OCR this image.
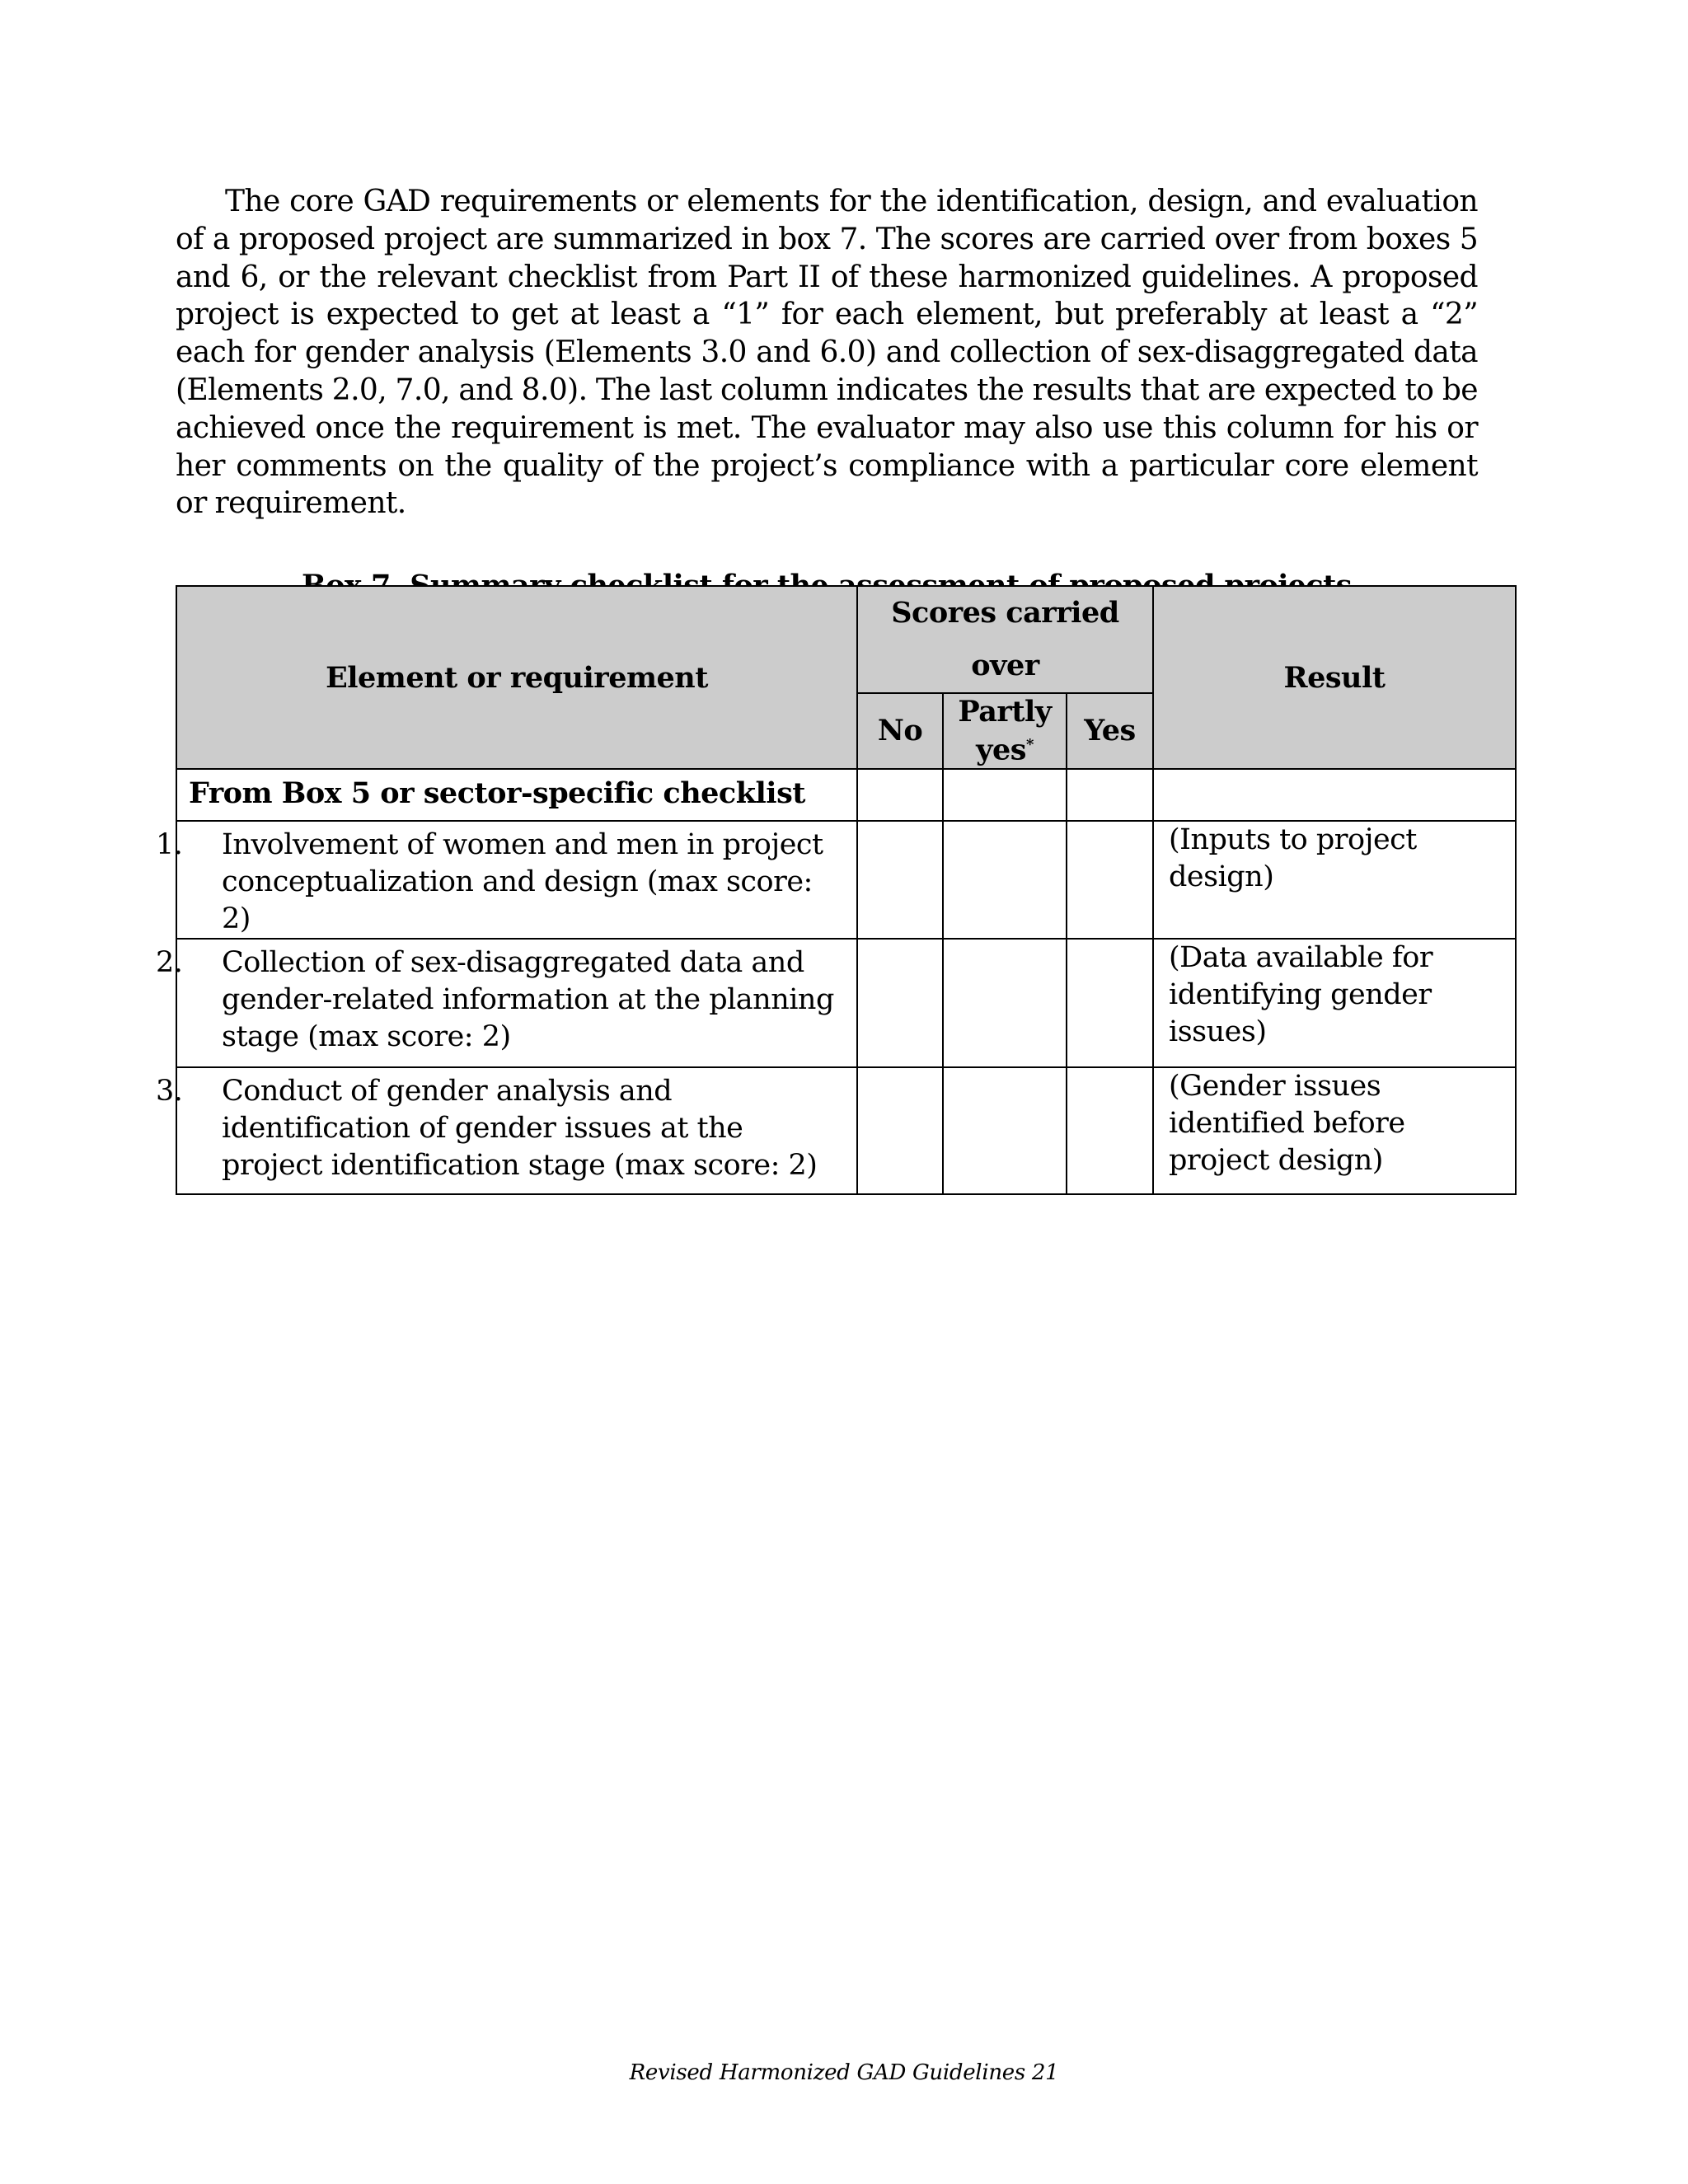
The core GAD requirements or elements for the identification, design, and evaluation of a proposed project are summarized in box 7. The scores are carried over from boxes 5 and 6, or the relevant checklist from Part II of these harmonized guidelines. A proposed project is expected to get at least a “1” for each element, but preferably at least a “2” each for gender analysis (Elements 3.0 and 6.0) and collection of sex-disaggregated data (Elements 2.0, 7.0, and 8.0). The last column indicates the results that are expected to be achieved once the requirement is met. The evaluator may also use this column for his or her comments on the quality of the project’s compliance with a particular core element or requirement.

Element or requirement	Scores carried over			Result
	No	Partly yes*	Yes	
From Box 5 or sector-specific checklist				

1. Involvement of women and men in project conceptualization and design (max score: 2)				(Inputs to project design)

2. Collection of sex-disaggregated data and gender-related information at the planning stage (max score: 2)				(Data available for identifying gender issues)

3. Conduct of gender analysis and identification of gender issues at the project identification stage (max score: 2)				(Gender issues identified before project design)
Revised Harmonized GAD Guidelines 21
